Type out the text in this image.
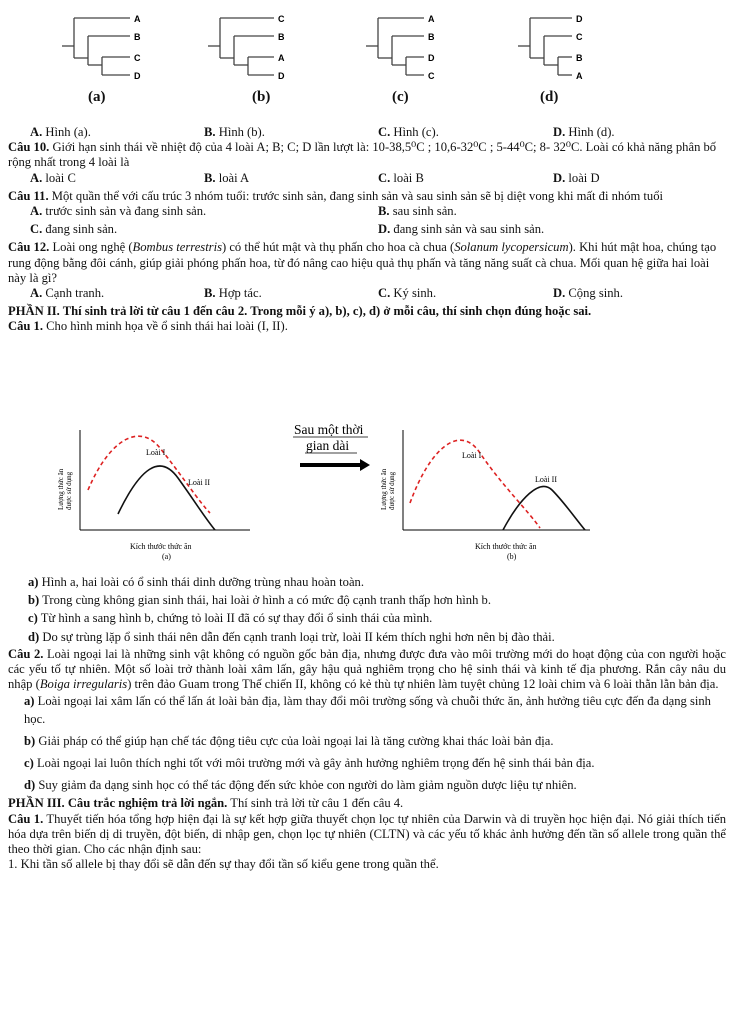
A
B
C
D
C
B
A
D
A
B
D
C
D
C
B
A
(a)	(b)	(c)	(d)
A. Hình (a).	B. Hình (b).	C. Hình (c).	D. Hình (d).

Câu 10. Giới hạn sinh thái về nhiệt độ của 4 loài A; B; C; D lần lượt là: 10-38,5⁰C ; 10,6-32⁰C ; 5-44⁰C; 8- 32⁰C. Loài có khả năng phân bố rộng nhất trong 4 loài là

A. loài C	B. loài A	C. loài B	D. loài D

Câu 11. Một quần thể với cấu trúc 3 nhóm tuổi: trước sinh sản, đang sinh sản và sau sinh sản sẽ bị diệt vong khi mất đi nhóm tuổi

A. trước sinh sản và đang sinh sản.	B. sau sinh sản.
C. đang sinh sản.	D. đang sinh sản và sau sinh sản.

Câu 12. Loài ong nghệ (Bombus terrestris) có thể hút mật và thụ phấn cho hoa cà chua (Solanum lycopersicum). Khi hút mật hoa, chúng tạo rung động bằng đôi cánh, giúp giải phóng phấn hoa, từ đó nâng cao hiệu quả thụ phấn và tăng năng suất cà chua. Mối quan hệ giữa hai loài này là gì?

A. Cạnh tranh.	B. Hợp tác.	C. Ký sinh.	D. Cộng sinh.

PHẦN II. Thí sinh trả lời từ câu 1 đến câu 2. Trong mỗi ý a), b), c), d) ở mỗi câu, thí sinh chọn đúng hoặc sai.

Câu 1. Cho hình minh họa về ổ sinh thái hai loài (I, II).

Loài I
Loài II
Kích thước thức ăn
(a)
Lượng thức ăn được sử dụng
Sau một thời
gian dài
Loài I
Loài II
Kích thước thức ăn
(b)
Lượng thức ăn được sử dụng

a) Hình a, hai loài có ổ sinh thái dinh dưỡng trùng nhau hoàn toàn.

b) Trong cùng không gian sinh thái, hai loài ở hình a có mức độ cạnh tranh thấp hơn hình b.

c) Từ hình a sang hình b, chứng tỏ loài II đã có sự thay đổi ổ sinh thái của mình.

d) Do sự trùng lặp ổ sinh thái nên dẫn đến cạnh tranh loại trừ, loài II kém thích nghi hơn nên bị đào thải.

Câu 2. Loài ngoại lai là những sinh vật không có nguồn gốc bản địa, nhưng được đưa vào môi trường mới do hoạt động của con người hoặc các yếu tố tự nhiên. Một số loài trở thành loài xâm lấn, gây hậu quả nghiêm trọng cho hệ sinh thái và kinh tế địa phương. Rắn cây nâu du nhập (Boiga irregularis) trên đảo Guam trong Thế chiến II, không có kẻ thù tự nhiên làm tuyệt chủng 12 loài chim và 6 loài thằn lằn bản địa.

a) Loài ngoại lai xâm lấn có thể lấn át loài bản địa, làm thay đổi môi trường sống và chuỗi thức ăn, ảnh hưởng tiêu cực đến đa dạng sinh học.

b) Giải pháp có thể giúp hạn chế tác động tiêu cực của loài ngoại lai là tăng cường khai thác loài bản địa.

c) Loài ngoại lai luôn thích nghi tốt với môi trường mới và gây ảnh hưởng nghiêm trọng đến hệ sinh thái bản địa.

d) Suy giảm đa dạng sinh học có thể tác động đến sức khỏe con người do làm giảm nguồn dược liệu tự nhiên.

PHẦN III. Câu trắc nghiệm trả lời ngắn. Thí sinh trả lời từ câu 1 đến câu 4.

Câu 1. Thuyết tiến hóa tổng hợp hiện đại là sự kết hợp giữa thuyết chọn lọc tự nhiên của Darwin và di truyền học hiện đại. Nó giải thích tiến hóa dựa trên biến dị di truyền, đột biến, di nhập gen, chọn lọc tự nhiên (CLTN) và các yếu tố khác ảnh hưởng đến tần số allele trong quần thể theo thời gian. Cho các nhận định sau:

1. Khi tần số allele bị thay đổi sẽ dẫn đến sự thay đổi tần số kiểu gene trong quần thể.
